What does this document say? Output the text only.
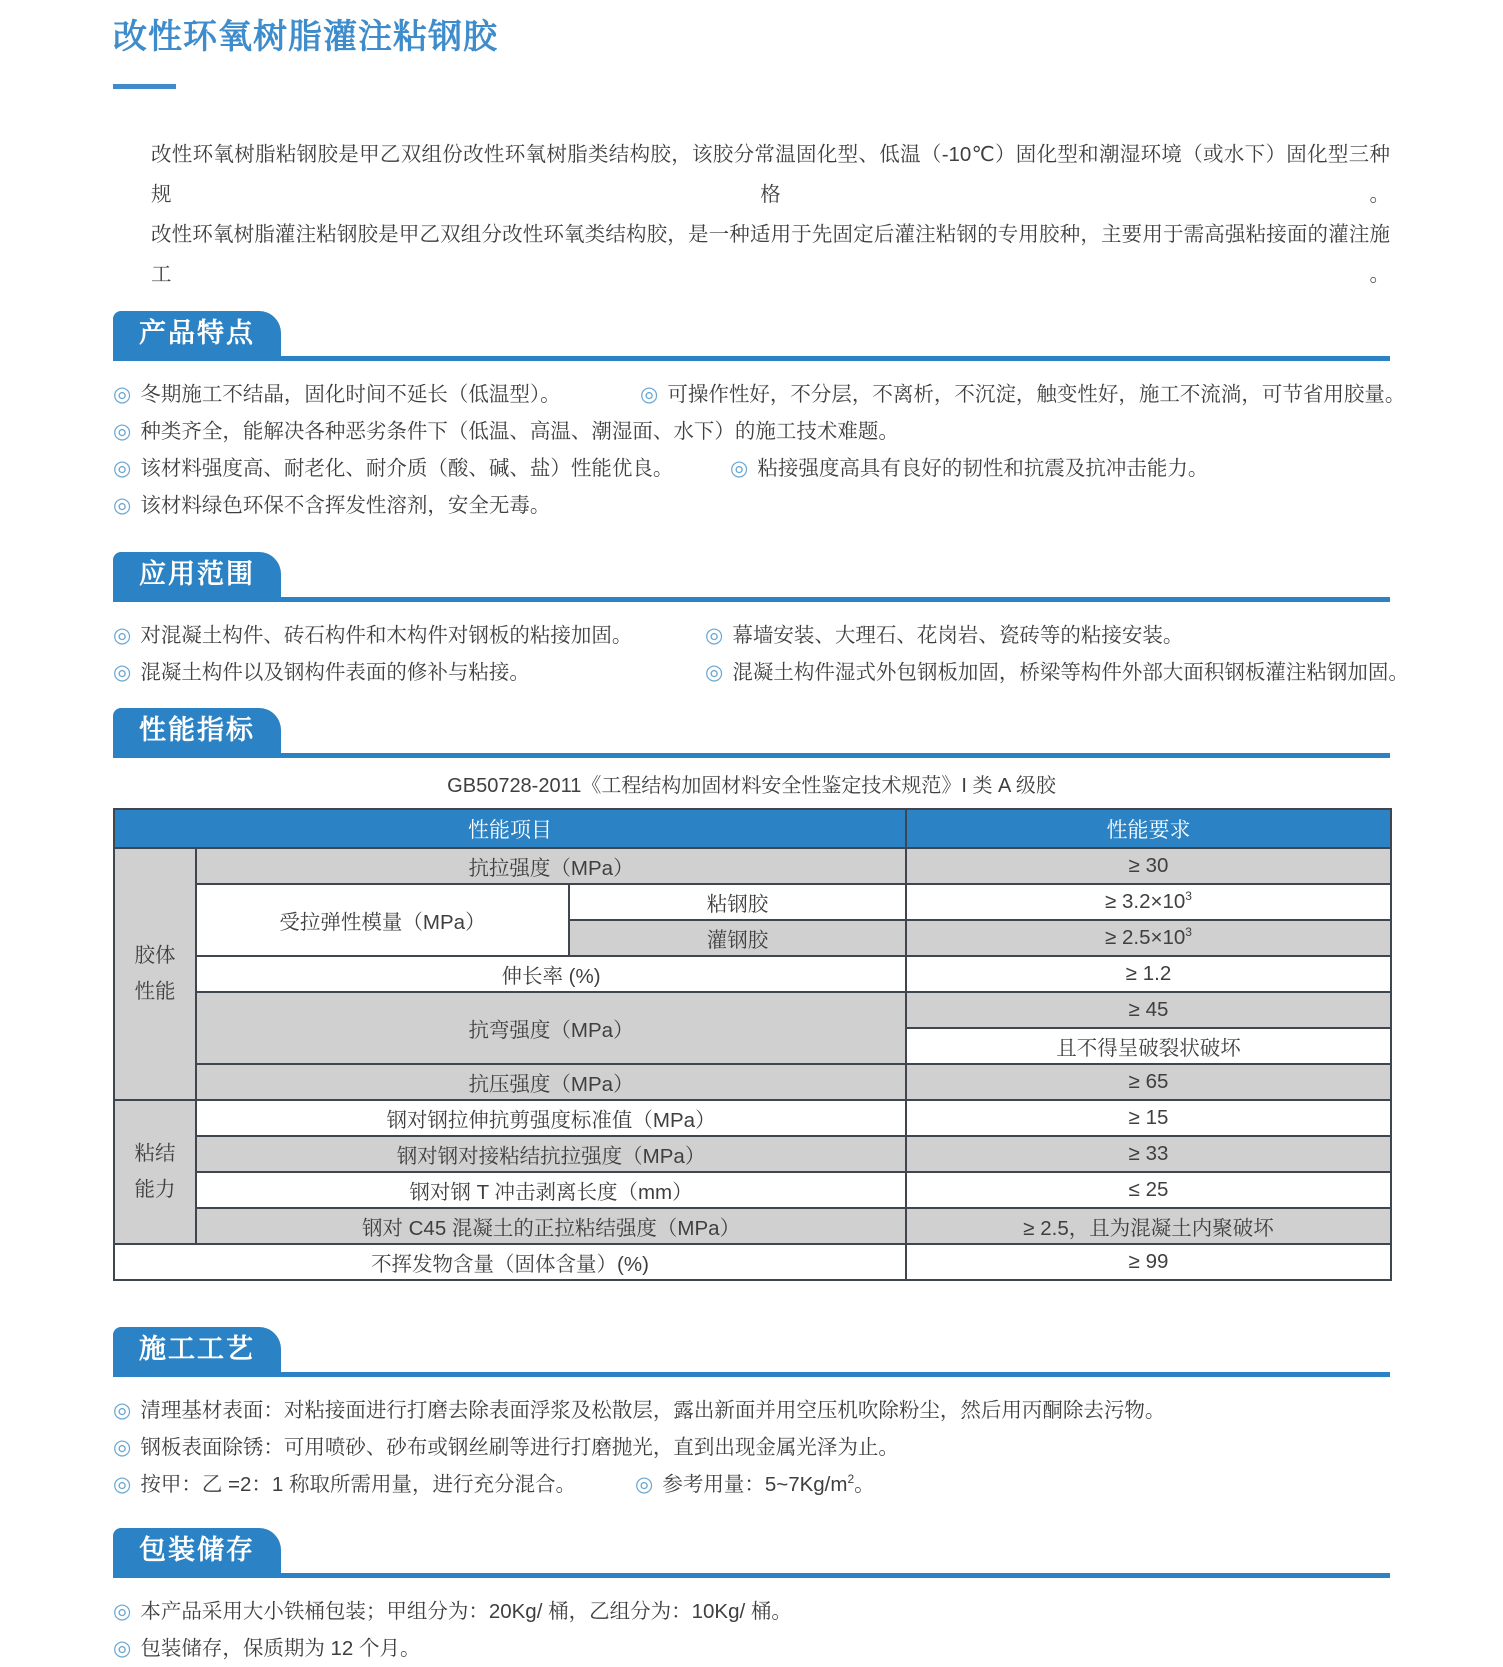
改性环氧树脂灌注粘钢胶
改性环氧树脂粘钢胶是甲乙双组份改性环氧树脂类结构胶，该胶分常温固化型、低温（-10℃）固化型和潮湿环境（或水下）固化型三种规格。
改性环氧树脂灌注粘钢胶是甲乙双组分改性环氧类结构胶，是一种适用于先固定后灌注粘钢的专用胶种，主要用于需高强粘接面的灌注施工。
产品特点
◎ 冬期施工不结晶，固化时间不延长（低温型）。	◎ 可操作性好，不分层，不离析，不沉淀，触变性好，施工不流淌，可节省用胶量。
◎ 种类齐全，能解决各种恶劣条件下（低温、高温、潮湿面、水下）的施工技术难题。
◎ 该材料强度高、耐老化、耐介质（酸、碱、盐）性能优良。	◎ 粘接强度高具有良好的韧性和抗震及抗冲击能力。
◎ 该材料绿色环保不含挥发性溶剂，安全无毒。
应用范围
◎ 对混凝土构件、砖石构件和木构件对钢板的粘接加固。	◎ 幕墙安装、大理石、花岗岩、瓷砖等的粘接安装。
◎ 混凝土构件以及钢构件表面的修补与粘接。	◎ 混凝土构件湿式外包钢板加固，桥梁等构件外部大面积钢板灌注粘钢加固。
性能指标
GB50728-2011《工程结构加固材料安全性鉴定技术规范》I 类 A 级胶
性能项目			性能要求
胶体性能	抗拉强度（MPa）		≥ 30
	受拉弹性模量（MPa）	粘钢胶	≥ $3.2\times 10^3$
		灌钢胶	≥ $2.5\times 10^3$
	伸长率 (%)		≥ 1.2
	抗弯强度（MPa）		≥ 45
			且不得呈破裂状破坏
	抗压强度（MPa）		≥ 65
粘结能力	钢对钢拉伸抗剪强度标准值（MPa）		≥ 15
	钢对钢对接粘结抗拉强度（MPa）		≥ 33
	钢对钢 T 冲击剥离长度（mm）		≤ 25
	钢对 C45 混凝土的正拉粘结强度（MPa）		≥ 2.5，且为混凝土内聚破坏
不挥发物含量（固体含量）(%)			≥ 99
施工工艺
◎ 清理基材表面：对粘接面进行打磨去除表面浮浆及松散层，露出新面并用空压机吹除粉尘，然后用丙酮除去污物。
◎ 钢板表面除锈：可用喷砂、砂布或钢丝刷等进行打磨抛光，直到出现金属光泽为止。
◎ 按甲：乙 =2：1 称取所需用量，进行充分混合。	◎ 参考用量：$5\sim 7Kg/m^2$。
包装储存
◎ 本产品采用大小铁桶包装；甲组分为：20Kg/ 桶，乙组分为：10Kg/ 桶。
◎ 包装储存，保质期为 12 个月。
